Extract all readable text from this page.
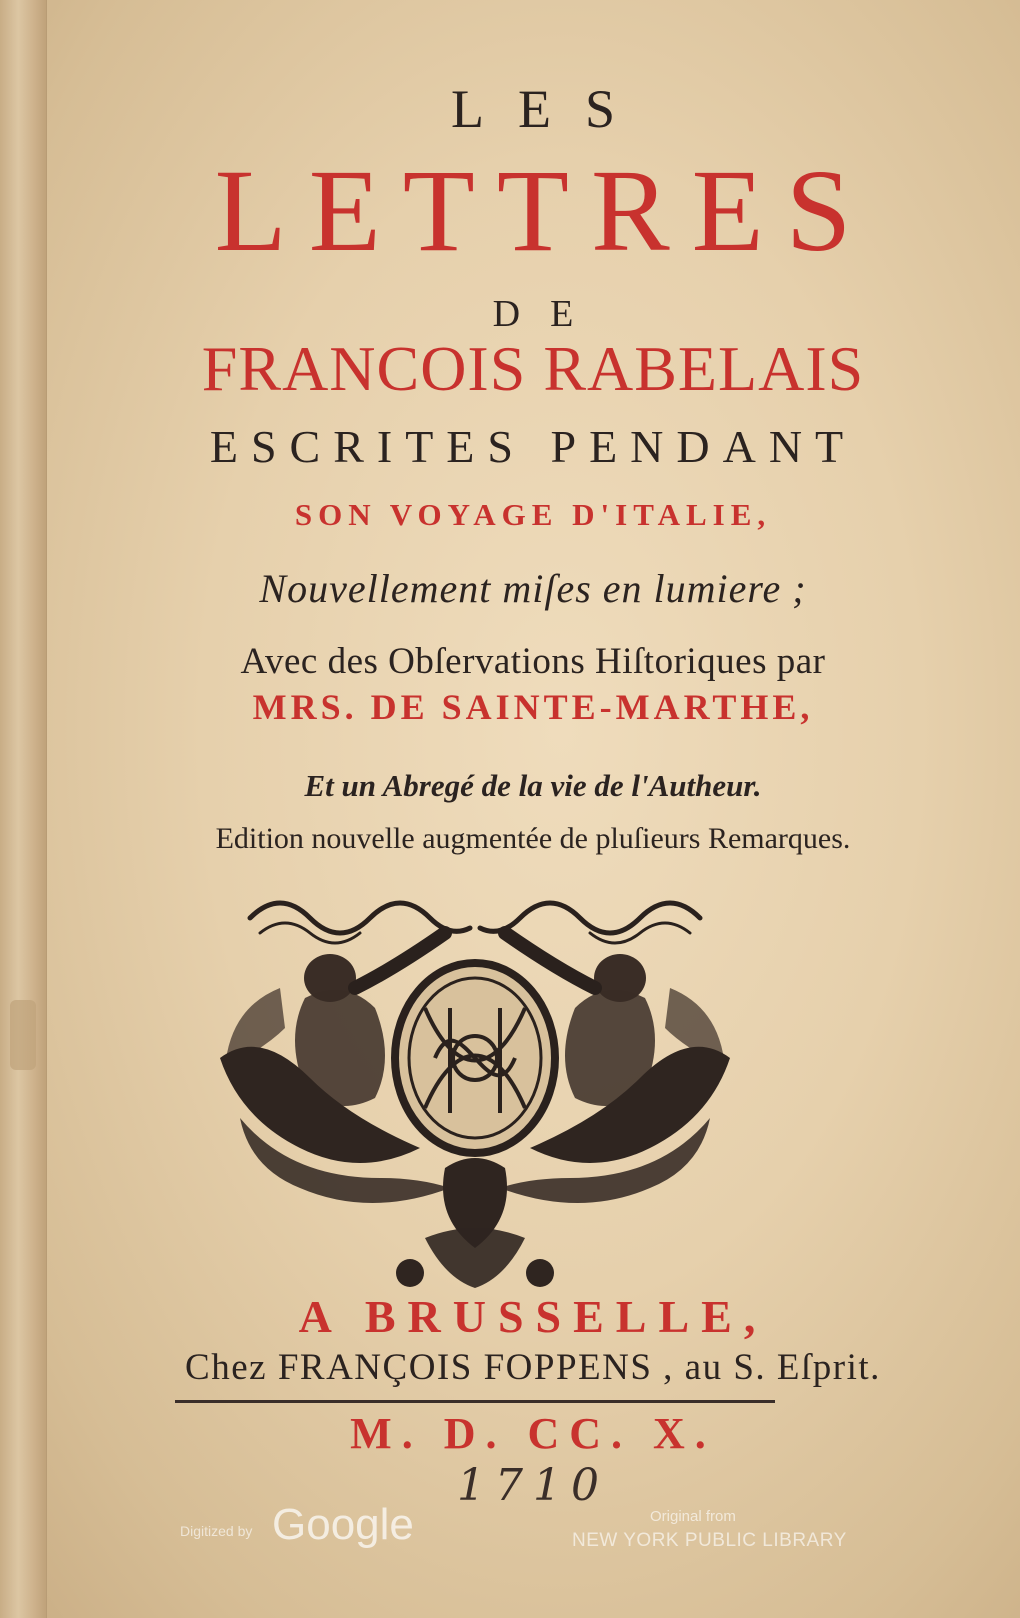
LES
LETTRES
DE
FRANCOIS RABELAIS
ESCRITES PENDANT
SON VOYAGE D'ITALIE,
Nouvellement miſes en lumiere ;
Avec des Obſervations Hiſtoriques par
MRS. DE SAINTE-MARTHE,
Et un Abregé de la vie de l'Autheur.
Edition nouvelle augmentée de pluſieurs Remarques.
A BRUSSELLE,
Chez FRANÇOIS FOPPENS , au S. Eſprit.
M. D. CC. X.
1710
Digitized by Google	Original from
NEW YORK PUBLIC LIBRARY
